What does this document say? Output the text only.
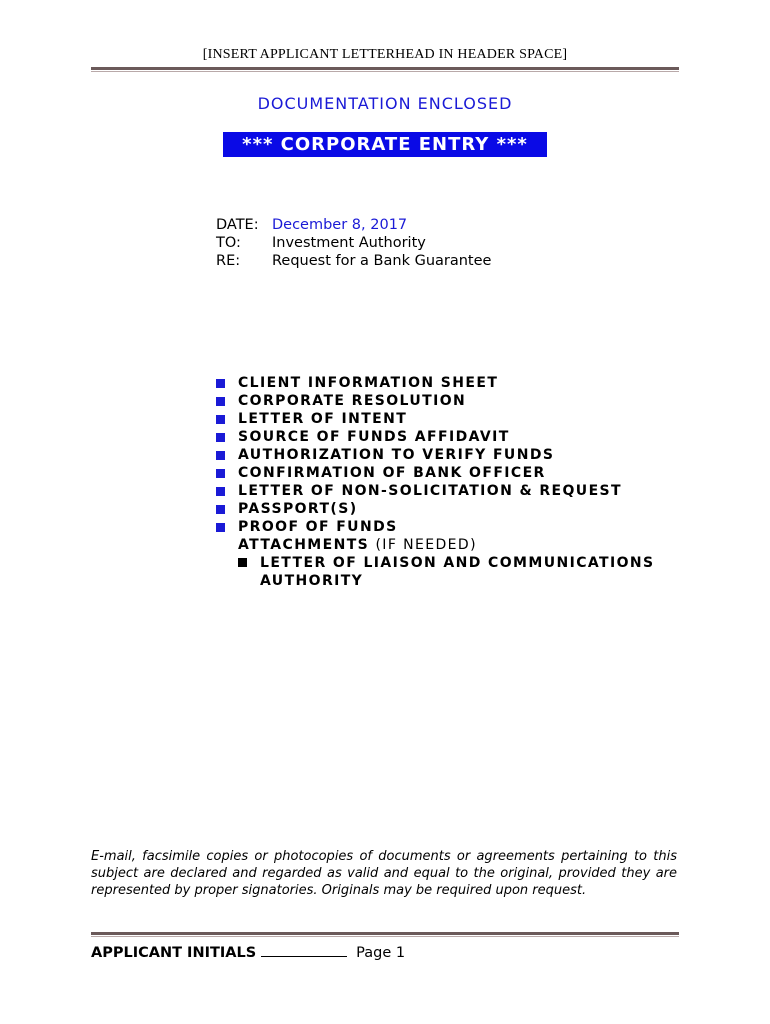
[INSERT APPLICANT LETTERHEAD IN HEADER SPACE]
DOCUMENTATION ENCLOSED
*** CORPORATE ENTRY ***
DATE: December 8, 2017
TO:	Investment Authority
RE:	Request for a Bank Guarantee
CLIENT INFORMATION SHEET
CORPORATE RESOLUTION
LETTER OF INTENT
SOURCE OF FUNDS AFFIDAVIT
AUTHORIZATION TO VERIFY FUNDS
CONFIRMATION OF BANK OFFICER
LETTER OF NON-SOLICITATION & REQUEST
PASSPORT(S)
PROOF OF FUNDS
ATTACHMENTS
(IF NEEDED)
LETTER OF LIAISON AND COMMUNICATIONS
AUTHORITY
E-mail, facsimile copies or photocopies of documents or agreements pertaining to this subject are declared and regarded as valid and equal to the original, provided they are represented by proper signatories. Originals may be required upon request.
APPLICANT INITIALS	Page 1
